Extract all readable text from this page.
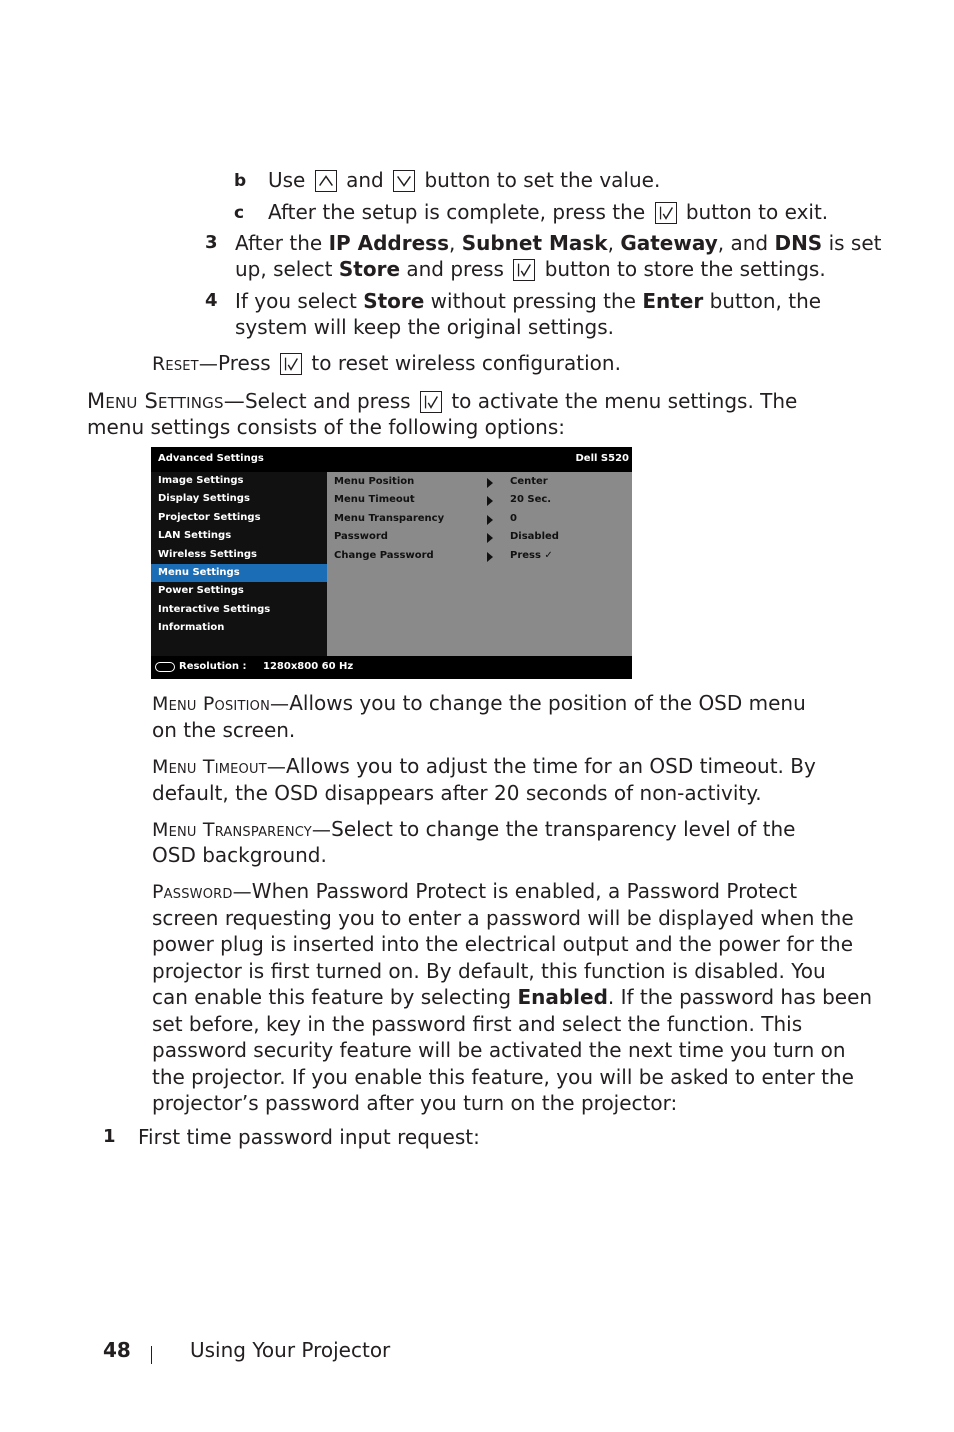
b Use and button to set the value.
c After the setup is complete, press the button to exit.
3 After the IP Address, Subnet Mask, Gateway, and DNS is set
up, select Store and press button to store the settings.
4 If you select Store without pressing the Enter button, the
system will keep the original settings.
Reset—Press to reset wireless configuration.
Menu Settings—Select and press to activate the menu settings. The
menu settings consists of the following options:
Advanced Settings	Dell S520
Image Settings
Display Settings
Projector Settings
LAN Settings
Wireless Settings
Menu Settings
Power Settings
Interactive Settings
Information
Menu Position	Center
Menu Timeout	20 Sec.
Menu Transparency	0
Password	Disabled
Change Password	Press ✓
Resolution : 1280x800 60 Hz
Menu Position—Allows you to change the position of the OSD menu
on the screen.
Menu Timeout—Allows you to adjust the time for an OSD timeout. By
default, the OSD disappears after 20 seconds of non-activity.
Menu Transparency—Select to change the transparency level of the
OSD background.
Password—When Password Protect is enabled, a Password Protect
screen requesting you to enter a password will be displayed when the
power plug is inserted into the electrical output and the power for the
projector is first turned on. By default, this function is disabled. You
can enable this feature by selecting Enabled. If the password has been
set before, key in the password first and select the function. This
password security feature will be activated the next time you turn on
the projector. If you enable this feature, you will be asked to enter the
projector’s password after you turn on the projector:
1 First time password input request:
48	Using Your Projector
